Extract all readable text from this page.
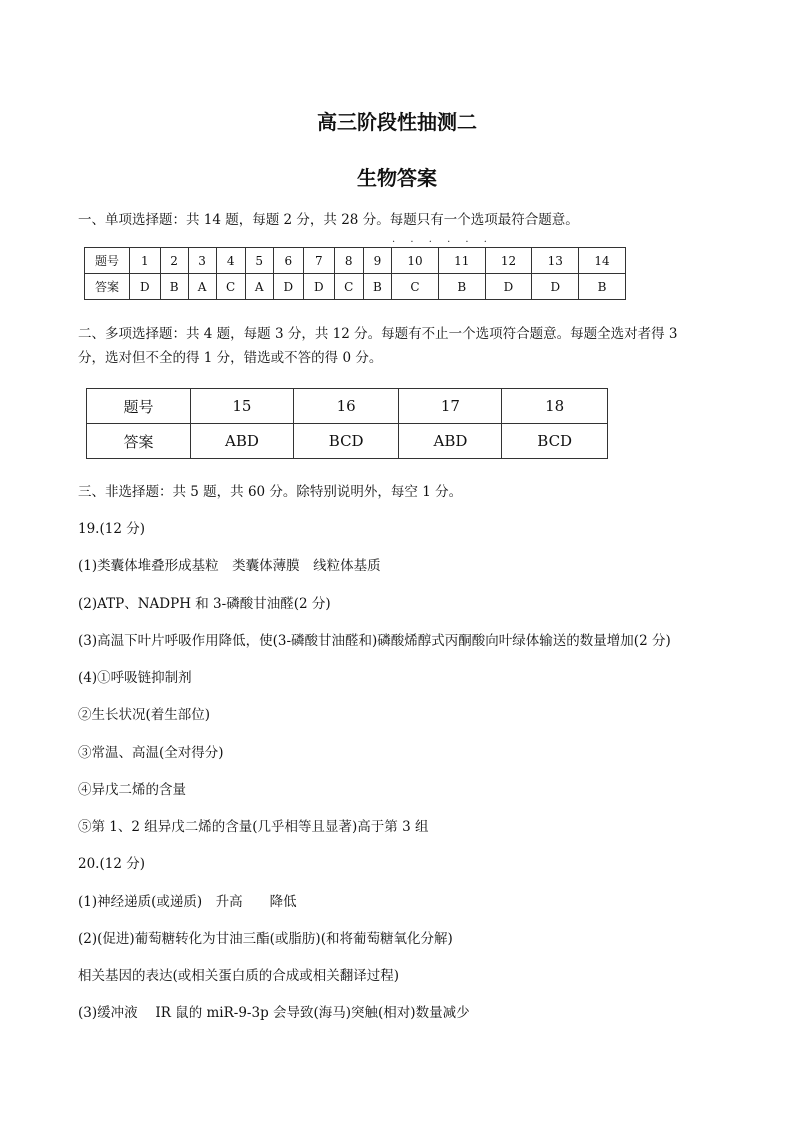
高三阶段性抽测二
生物答案
一、单项选择题：共 14 题，每题 2 分，共 28 分。每题只有一个选项最符合题意。
· · · · · ·
题号	1	2	3	4	5	6	7	8	9	10	11	12	13	14
答案	D	B	A	C	A	D	D	C	B	C	B	D	D	B
二、多项选择题：共 4 题，每题 3 分，共 12 分。每题有不止一个选项符合题意。每题全选对者得 3
分，选对但不全的得 1 分，错选或不答的得 0 分。
题号	15	16	17	18
答案	ABD	BCD	ABD	BCD
三、非选择题：共 5 题，共 60 分。除特别说明外，每空 1 分。
19.(12 分)
(1)类囊体堆叠形成基粒　类囊体薄膜　线粒体基质
(2)ATP、NADPH 和 3-磷酸甘油醛(2 分)
(3)高温下叶片呼吸作用降低，使(3-磷酸甘油醛和)磷酸烯醇式丙酮酸向叶绿体输送的数量增加(2 分)
(4)①呼吸链抑制剂
②生长状况(着生部位)
③常温、高温(全对得分)
④异戊二烯的含量
⑤第 1、2 组异戊二烯的含量(几乎相等且显著)高于第 3 组
20.(12 分)
(1)神经递质(或递质)　升高　　降低
(2)(促进)葡萄糖转化为甘油三酯(或脂肪)(和将葡萄糖氧化分解)
相关基因的表达(或相关蛋白质的合成或相关翻译过程)
(3)缓冲液　 IR 鼠的 miR-9-3p 会导致(海马)突触(相对)数量减少
